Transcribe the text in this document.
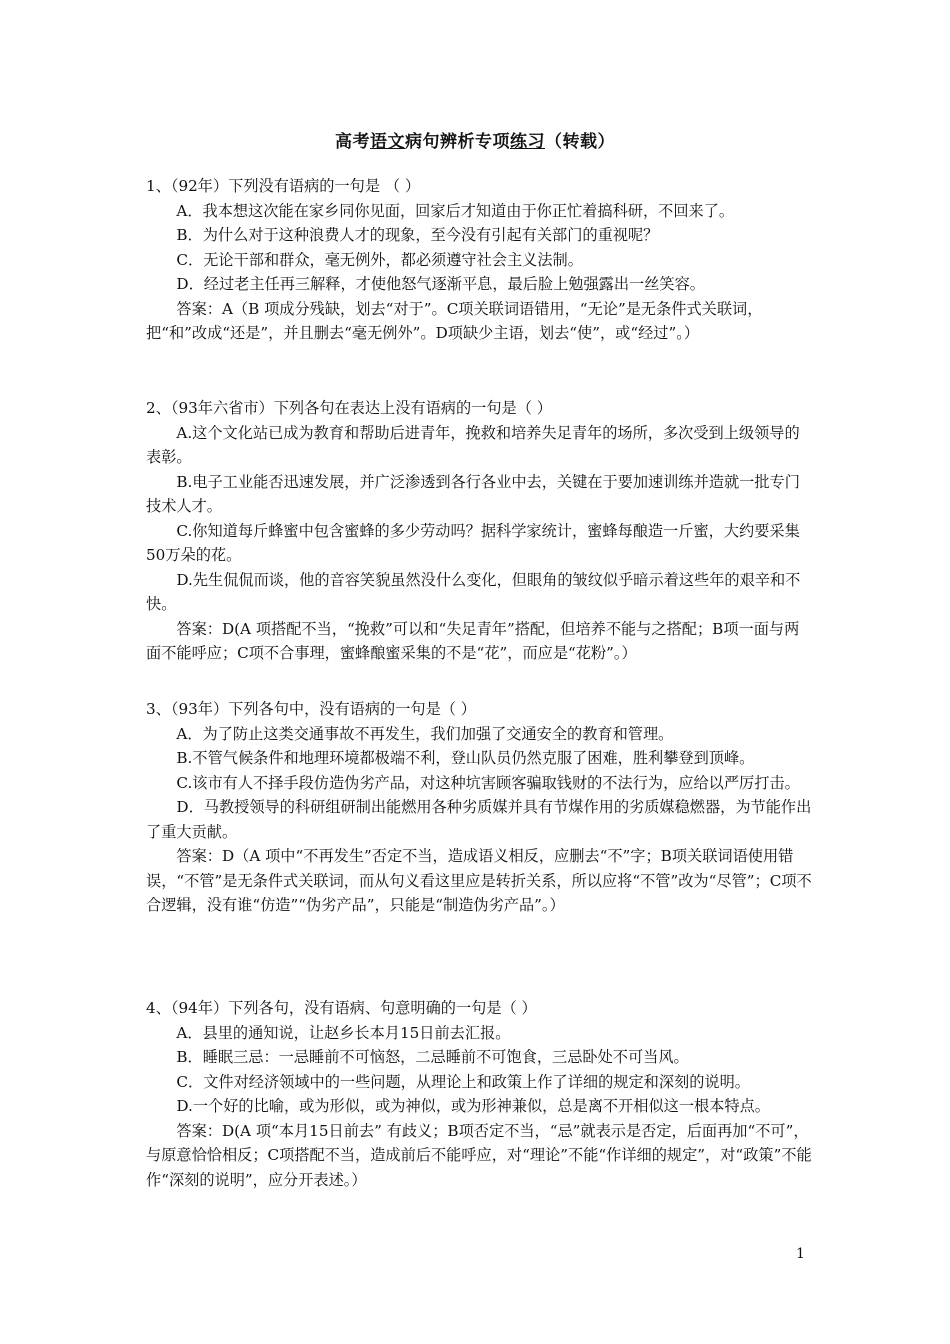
高考语文病句辨析专项练习（转载）

1、（92年）下列没有语病的一句是 （ ）

A．我本想这次能在家乡同你见面，回家后才知道由于你正忙着搞科研，不回来了。

B．为什么对于这种浪费人才的现象，至今没有引起有关部门的重视呢？

C．无论干部和群众，毫无例外，都必须遵守社会主义法制。

D．经过老主任再三解释，才使他怒气逐渐平息，最后脸上勉强露出一丝笑容。

答案：A（B 项成分残缺，划去“对于”。C项关联词语错用，“无论”是无条件式关联词，把“和”改成“还是”，并且删去“毫无例外”。D项缺少主语，划去“使”，或“经过”。）

2、（93年六省市）下列各句在表达上没有语病的一句是（ ）

A.这个文化站已成为教育和帮助后进青年，挽救和培养失足青年的场所，多次受到上级领导的表彰。

B.电子工业能否迅速发展，并广泛渗透到各行各业中去，关键在于要加速训练并造就一批专门技术人才。

C.你知道每斤蜂蜜中包含蜜蜂的多少劳动吗？据科学家统计，蜜蜂每酿造一斤蜜，大约要采集50万朵的花。

D.先生侃侃而谈，他的音容笑貌虽然没什么变化，但眼角的皱纹似乎暗示着这些年的艰辛和不快。

答案：D(A 项搭配不当，“挽救”可以和“失足青年”搭配，但培养不能与之搭配；B项一面与两面不能呼应；C项不合事理，蜜蜂酿蜜采集的不是“花”，而应是“花粉”。）

3、（93年）下列各句中，没有语病的一句是（ ）

A．为了防止这类交通事故不再发生，我们加强了交通安全的教育和管理。

B.不管气候条件和地理环境都极端不利，登山队员仍然克服了困难，胜利攀登到顶峰。

C.该市有人不择手段仿造伪劣产品，对这种坑害顾客骗取钱财的不法行为，应给以严厉打击。

D．马教授领导的科研组研制出能燃用各种劣质媒并具有节煤作用的劣质媒稳燃器，为节能作出了重大贡献。

答案：D（A 项中“不再发生”否定不当，造成语义相反，应删去“不”字；B项关联词语使用错误，“不管”是无条件式关联词，而从句义看这里应是转折关系，所以应将“不管”改为“尽管”；C项不合逻辑，没有谁“仿造”“伪劣产品”，只能是“制造伪劣产品”。）

4、（94年）下列各句，没有语病、句意明确的一句是（ ）

A．县里的通知说，让赵乡长本月15日前去汇报。

B．睡眠三忌：一忌睡前不可恼怒，二忌睡前不可饱食，三忌卧处不可当风。

C．文件对经济领域中的一些问题，从理论上和政策上作了详细的规定和深刻的说明。

D.一个好的比喻，或为形似，或为神似，或为形神兼似，总是离不开相似这一根本特点。

答案：D(A 项“本月15日前去” 有歧义；B项否定不当，“忌”就表示是否定，后面再加“不可”，与原意恰恰相反；C项搭配不当，造成前后不能呼应，对“理论”不能“作详细的规定”，对“政策”不能作“深刻的说明”，应分开表述。）

1
